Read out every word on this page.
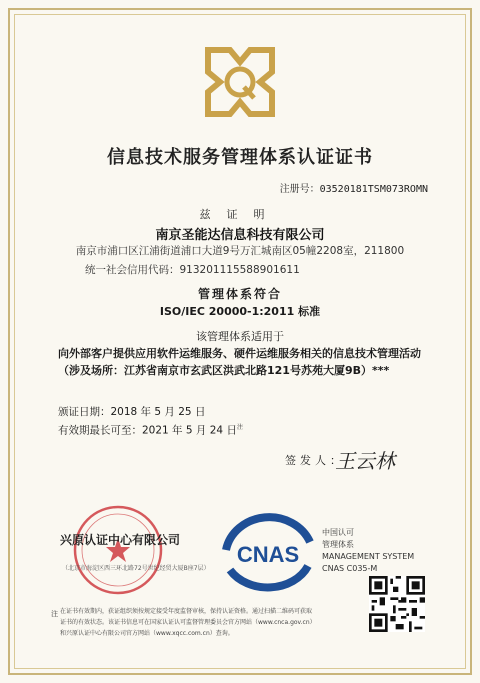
信息技术服务管理体系认证证书
注册号：03520181TSM073ROMN
兹证明
南京圣能达信息科技有限公司
南京市浦口区江浦街道浦口大道9号万汇城南区05幢2208室，211800
统一社会信用代码：913201115588901611
管理体系符合
ISO/IEC 20000-1:2011 标准
该管理体系适用于
向外部客户提供应用软件运维服务、硬件运维服务相关的信息技术管理活动（涉及场所：江苏省南京市玄武区洪武北路121号苏苑大厦9B）***
颁证日期：2018 年 5 月 25 日
有效期最长可至：2021 年 5 月 24 日$^注$
签发人：
王云林
兴原认证中心有限公司
（北京市海淀区西三环北路72号世纪经贸大厦B座7层）
CNAS
中国认可
管理体系
MANAGEMENT SYSTEM
CNAS C035-M
注 在证书有效期内，获证组织须按规定接受年度监督审核，保持认证资格。通过扫描二维码可获取
证书的有效状态。该证书信息可在国家认证认可监督管理委员会官方网站（www.cnca.gov.cn）
和兴原认证中心有限公司官方网站（www.xqcc.com.cn）查询。
